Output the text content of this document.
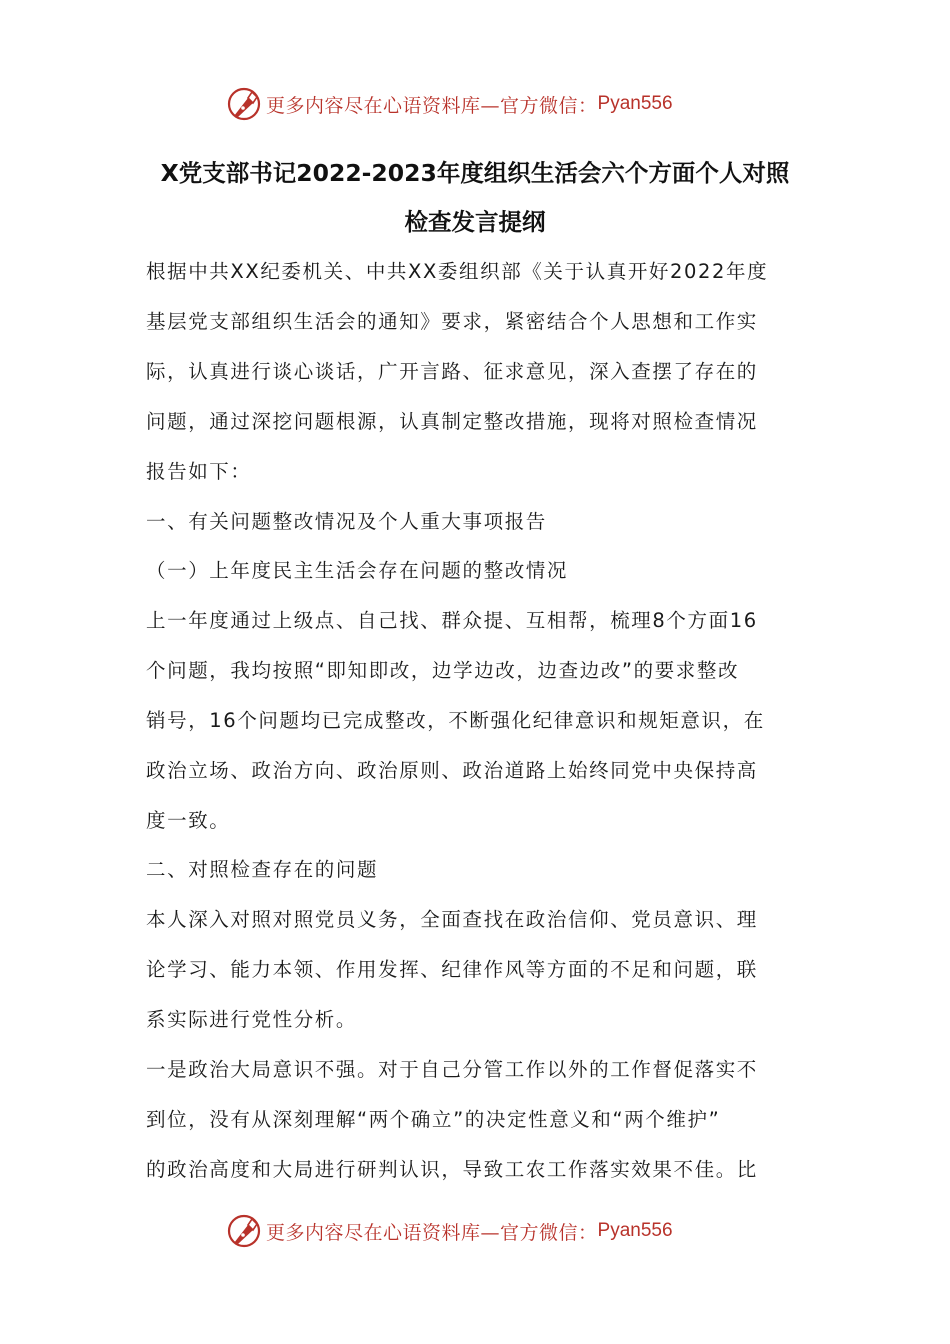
更多内容尽在心语资料库—官方微信： Pyan556
X党支部书记2022-2023年度组织生活会六个方面个人对照
检查发言提纲
根据中共XX纪委机关、中共XX委组织部《关于认真开好2022年度
基层党支部组织生活会的通知》要求，紧密结合个人思想和工作实
际，认真进行谈心谈话，广开言路、征求意见，深入查摆了存在的
问题，通过深挖问题根源，认真制定整改措施，现将对照检查情况
报告如下：
一、有关问题整改情况及个人重大事项报告
（一）上年度民主生活会存在问题的整改情况
上一年度通过上级点、自己找、群众提、互相帮，梳理8个方面16
个问题，我均按照“即知即改，边学边改，边查边改”的要求整改
销号，16个问题均已完成整改，不断强化纪律意识和规矩意识，在
政治立场、政治方向、政治原则、政治道路上始终同党中央保持高
度一致。
二、对照检查存在的问题
本人深入对照对照党员义务，全面查找在政治信仰、党员意识、理
论学习、能力本领、作用发挥、纪律作风等方面的不足和问题，联
系实际进行党性分析。
一是政治大局意识不强。对于自己分管工作以外的工作督促落实不
到位，没有从深刻理解“两个确立”的决定性意义和“两个维护”
的政治高度和大局进行研判认识，导致工农工作落实效果不佳。比
更多内容尽在心语资料库—官方微信： Pyan556
